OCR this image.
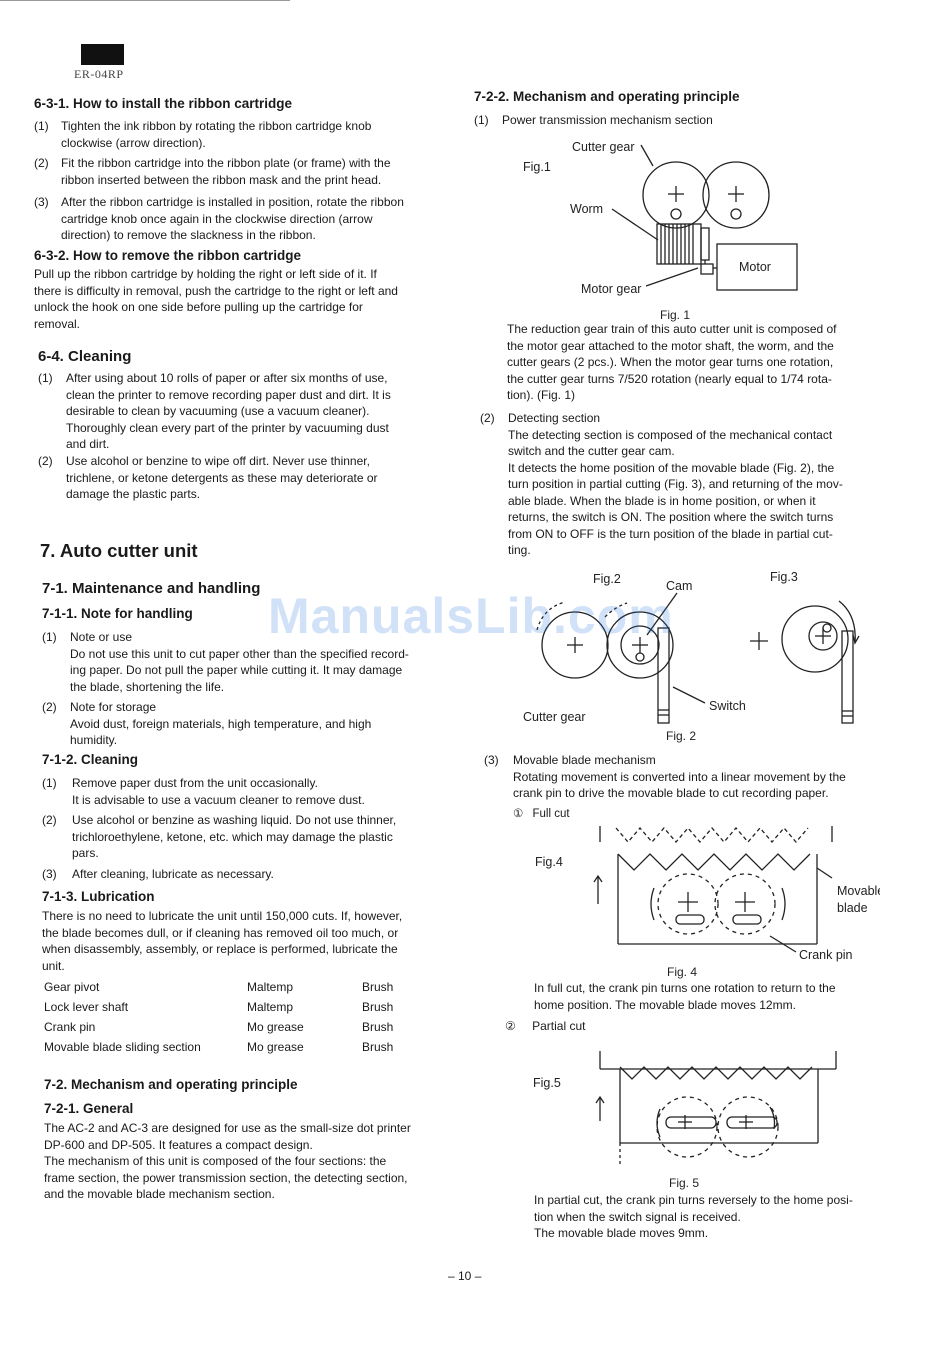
ER-04RP
6-3-1. How to install the ribbon cartridge
(1) Tighten the ink ribbon by rotating the ribbon cartridge knob
clockwise (arrow direction).
(2) Fit the ribbon cartridge into the ribbon plate (or frame) with the
ribbon inserted between the ribbon mask and the print head.
(3) After the ribbon cartridge is installed in position, rotate the ribbon
cartridge knob once again in the clockwise direction (arrow
direction) to remove the slackness in the ribbon.
6-3-2. How to remove the ribbon cartridge
Pull up the ribbon cartridge by holding the right or left side of it. If
there is difficulty in removal, push the cartridge to the right or left and
unlock the hook on one side before pulling up the cartridge for
removal.
6-4. Cleaning
(1) After using about 10 rolls of paper or after six months of use,
clean the printer to remove recording paper dust and dirt. It is
desirable to clean by vacuuming (use a vacuum cleaner).
Thoroughly clean every part of the printer by vacuuming dust
and dirt.
(2) Use alcohol or benzine to wipe off dirt. Never use thinner,
trichlene, or ketone detergents as these may deteriorate or
damage the plastic parts.
7. Auto cutter unit
7-1. Maintenance and handling
7-1-1. Note for handling
(1) Note or use
Do not use this unit to cut paper other than the specified record-
ing paper. Do not pull the paper while cutting it. It may damage
the blade, shortening the life.
(2) Note for storage
Avoid dust, foreign materials, high temperature, and high
humidity.
7-1-2. Cleaning
(1) Remove paper dust from the unit occasionally.
It is advisable to use a vacuum cleaner to remove dust.
(2) Use alcohol or benzine as washing liquid. Do not use thinner,
trichloroethylene, ketone, etc. which may damage the plastic
pars.
(3) After cleaning, lubricate as necessary.
7-1-3. Lubrication
There is no need to lubricate the unit until 150,000 cuts. If, however,
the blade becomes dull, or if cleaning has removed oil too much, or
when disassembly, assembly, or replace is performed, lubricate the
unit.
Gear pivot	Maltemp	Brush
Lock lever shaft	Maltemp	Brush
Crank pin	Mo grease	Brush
Movable blade sliding section	Mo grease	Brush
7-2. Mechanism and operating principle
7-2-1. General
The AC-2 and AC-3 are designed for use as the small-size dot printer
DP-600 and DP-505. It features a compact design.
The mechanism of this unit is composed of the four sections: the
frame section, the power transmission section, the detecting section,
and the movable blade mechanism section.
7-2-2. Mechanism and operating principle
(1) Power transmission mechanism section
Cutter gear
Fig.1
Worm
Motor
Motor gear
Fig. 1
The reduction gear train of this auto cutter unit is composed of
the motor gear attached to the motor shaft, the worm, and the
cutter gears (2 pcs.). When the motor gear turns one rotation,
the cutter gear turns 7/520 rotation (nearly equal to 1/74 rota-
tion). (Fig. 1)
(2) Detecting section
The detecting section is composed of the mechanical contact
switch and the cutter gear cam.
It detects the home position of the movable blade (Fig. 2), the
turn position in partial cutting (Fig. 3), and returning of the mov-
able blade. When the blade is in home position, or when it
returns, the switch is ON. The position where the switch turns
from ON to OFF is the turn position of the blade in partial cut-
ting.
Fig.2	Cam
Fig.3
Cutter gear
Switch
Fig. 2
(3) Movable blade mechanism
Rotating movement is converted into a linear movement by the
crank pin to drive the movable blade to cut recording paper.
① Full cut
Fig.4
Movable
blade
Crank pin
Fig. 4
In full cut, the crank pin turns one rotation to return to the
home position. The movable blade moves 12mm.
② Partial cut
Fig.5
Fig. 5
In partial cut, the crank pin turns reversely to the home posi-
tion when the switch signal is received.
The movable blade moves 9mm.
– 10 –
ManualsLib.com
